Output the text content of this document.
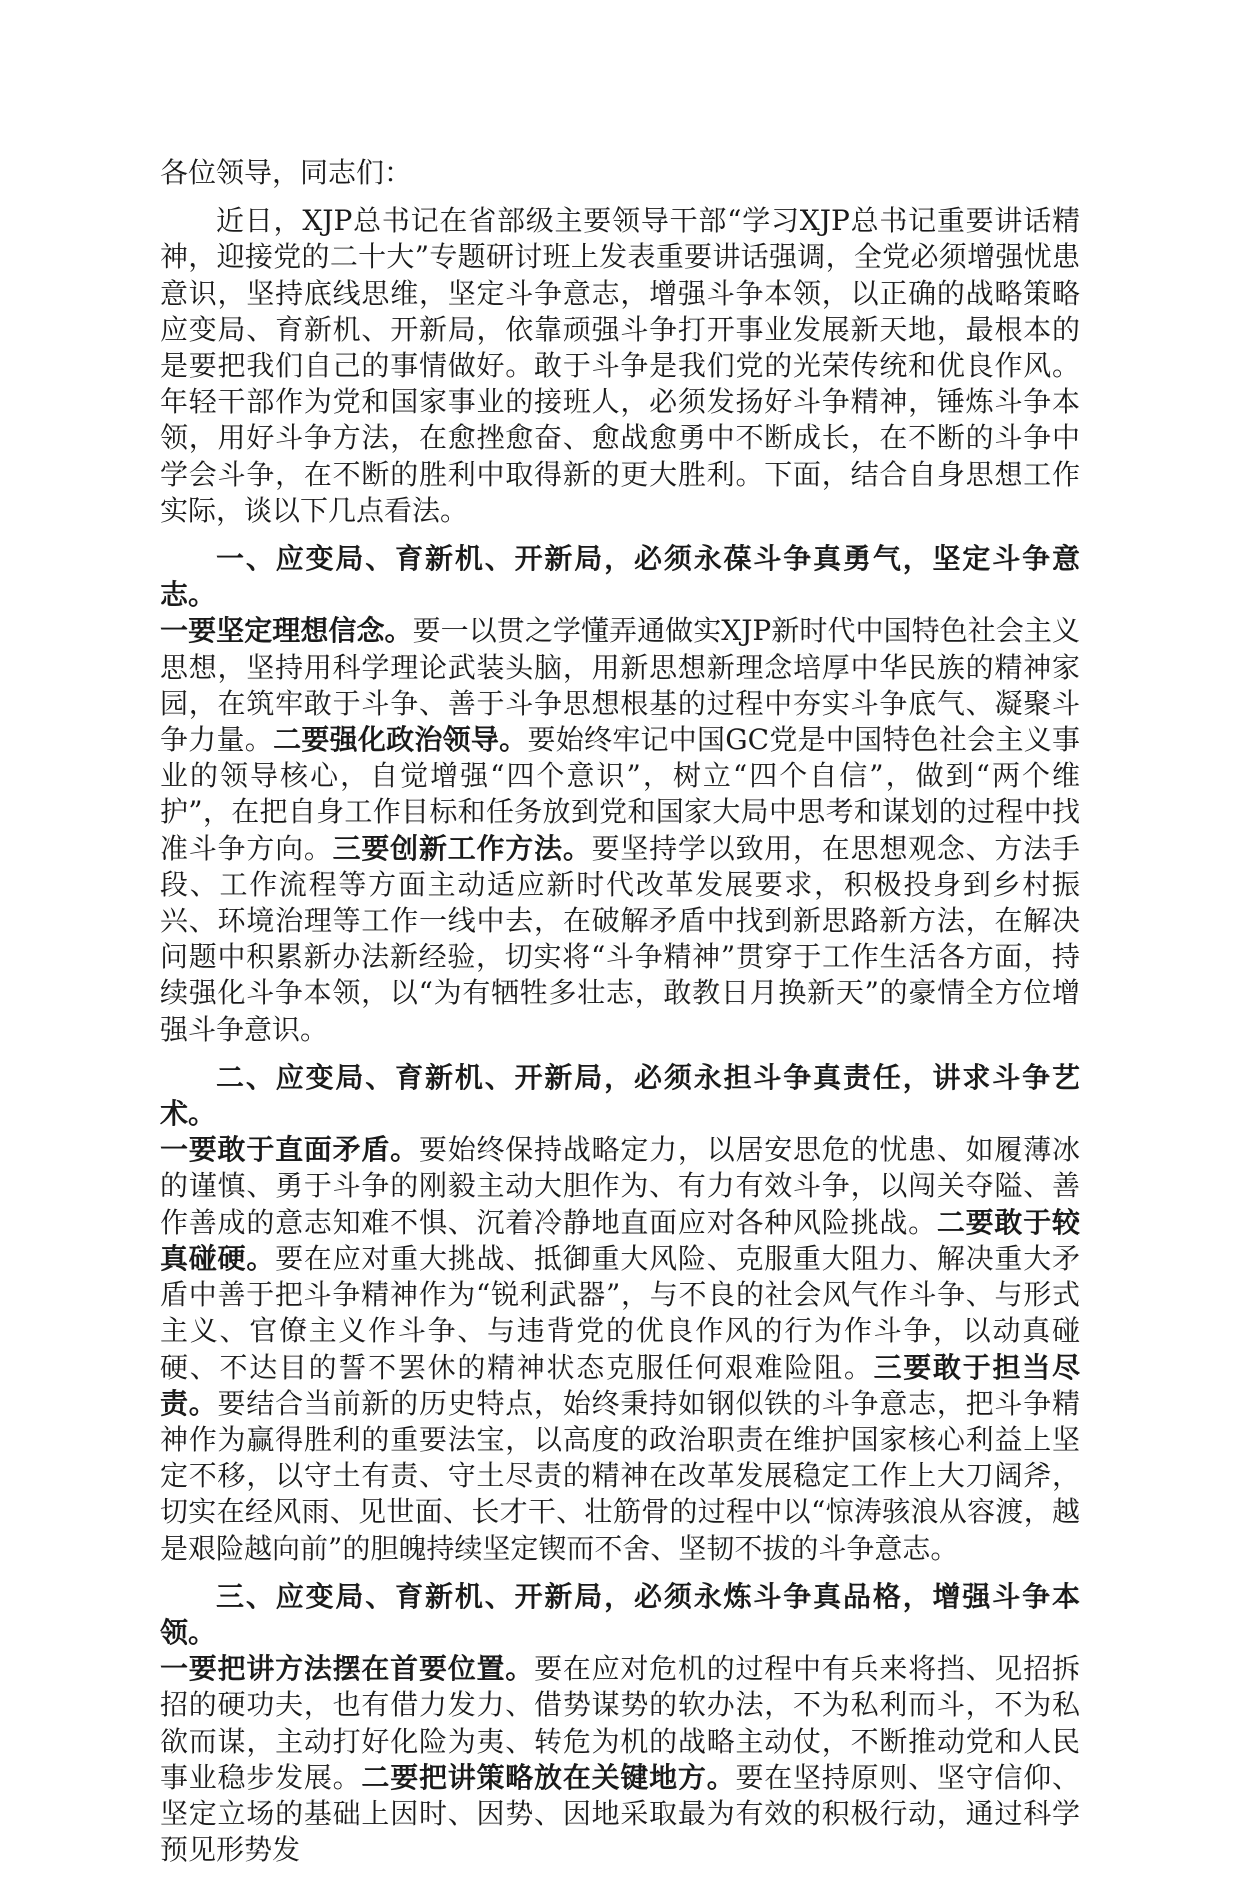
各位领导，同志们：

近日，XJP总书记在省部级主要领导干部“学习XJP总书记重要讲话精神，迎接党的二十大”专题研讨班上发表重要讲话强调，全党必须增强忧患意识，坚持底线思维，坚定斗争意志，增强斗争本领，以正确的战略策略应变局、育新机、开新局，依靠顽强斗争打开事业发展新天地，最根本的是要把我们自己的事情做好。敢于斗争是我们党的光荣传统和优良作风。年轻干部作为党和国家事业的接班人，必须发扬好斗争精神，锤炼斗争本领，用好斗争方法，在愈挫愈奋、愈战愈勇中不断成长，在不断的斗争中学会斗争，在不断的胜利中取得新的更大胜利。下面，结合自身思想工作实际，谈以下几点看法。

一、应变局、育新机、开新局，必须永葆斗争真勇气，坚定斗争意志。
一要坚定理想信念。要一以贯之学懂弄通做实XJP新时代中国特色社会主义思想，坚持用科学理论武装头脑，用新思想新理念培厚中华民族的精神家园，在筑牢敢于斗争、善于斗争思想根基的过程中夯实斗争底气、凝聚斗争力量。二要强化政治领导。要始终牢记中国GC党是中国特色社会主义事业的领导核心，自觉增强“四个意识”，树立“四个自信”，做到“两个维护”，在把自身工作目标和任务放到党和国家大局中思考和谋划的过程中找准斗争方向。三要创新工作方法。要坚持学以致用，在思想观念、方法手段、工作流程等方面主动适应新时代改革发展要求，积极投身到乡村振兴、环境治理等工作一线中去，在破解矛盾中找到新思路新方法，在解决问题中积累新办法新经验，切实将“斗争精神”贯穿于工作生活各方面，持续强化斗争本领，以“为有牺牲多壮志，敢教日月换新天”的豪情全方位增强斗争意识。

二、应变局、育新机、开新局，必须永担斗争真责任，讲求斗争艺术。
一要敢于直面矛盾。要始终保持战略定力，以居安思危的忧患、如履薄冰的谨慎、勇于斗争的刚毅主动大胆作为、有力有效斗争，以闯关夺隘、善作善成的意志知难不惧、沉着冷静地直面应对各种风险挑战。二要敢于较真碰硬。要在应对重大挑战、抵御重大风险、克服重大阻力、解决重大矛盾中善于把斗争精神作为“锐利武器”，与不良的社会风气作斗争、与形式主义、官僚主义作斗争、与违背党的优良作风的行为作斗争，以动真碰硬、不达目的誓不罢休的精神状态克服任何艰难险阻。三要敢于担当尽责。要结合当前新的历史特点，始终秉持如钢似铁的斗争意志，把斗争精神作为赢得胜利的重要法宝，以高度的政治职责在维护国家核心利益上坚定不移，以守土有责、守土尽责的精神在改革发展稳定工作上大刀阔斧，切实在经风雨、见世面、长才干、壮筋骨的过程中以“惊涛骇浪从容渡，越是艰险越向前”的胆魄持续坚定锲而不舍、坚韧不拔的斗争意志。

三、应变局、育新机、开新局，必须永炼斗争真品格，增强斗争本领。
一要把讲方法摆在首要位置。要在应对危机的过程中有兵来将挡、见招拆招的硬功夫，也有借力发力、借势谋势的软办法，不为私利而斗，不为私欲而谋，主动打好化险为夷、转危为机的战略主动仗，不断推动党和人民事业稳步发展。二要把讲策略放在关键地方。要在坚持原则、坚守信仰、坚定立场的基础上因时、因势、因地采取最为有效的积极行动，通过科学预见形势发
